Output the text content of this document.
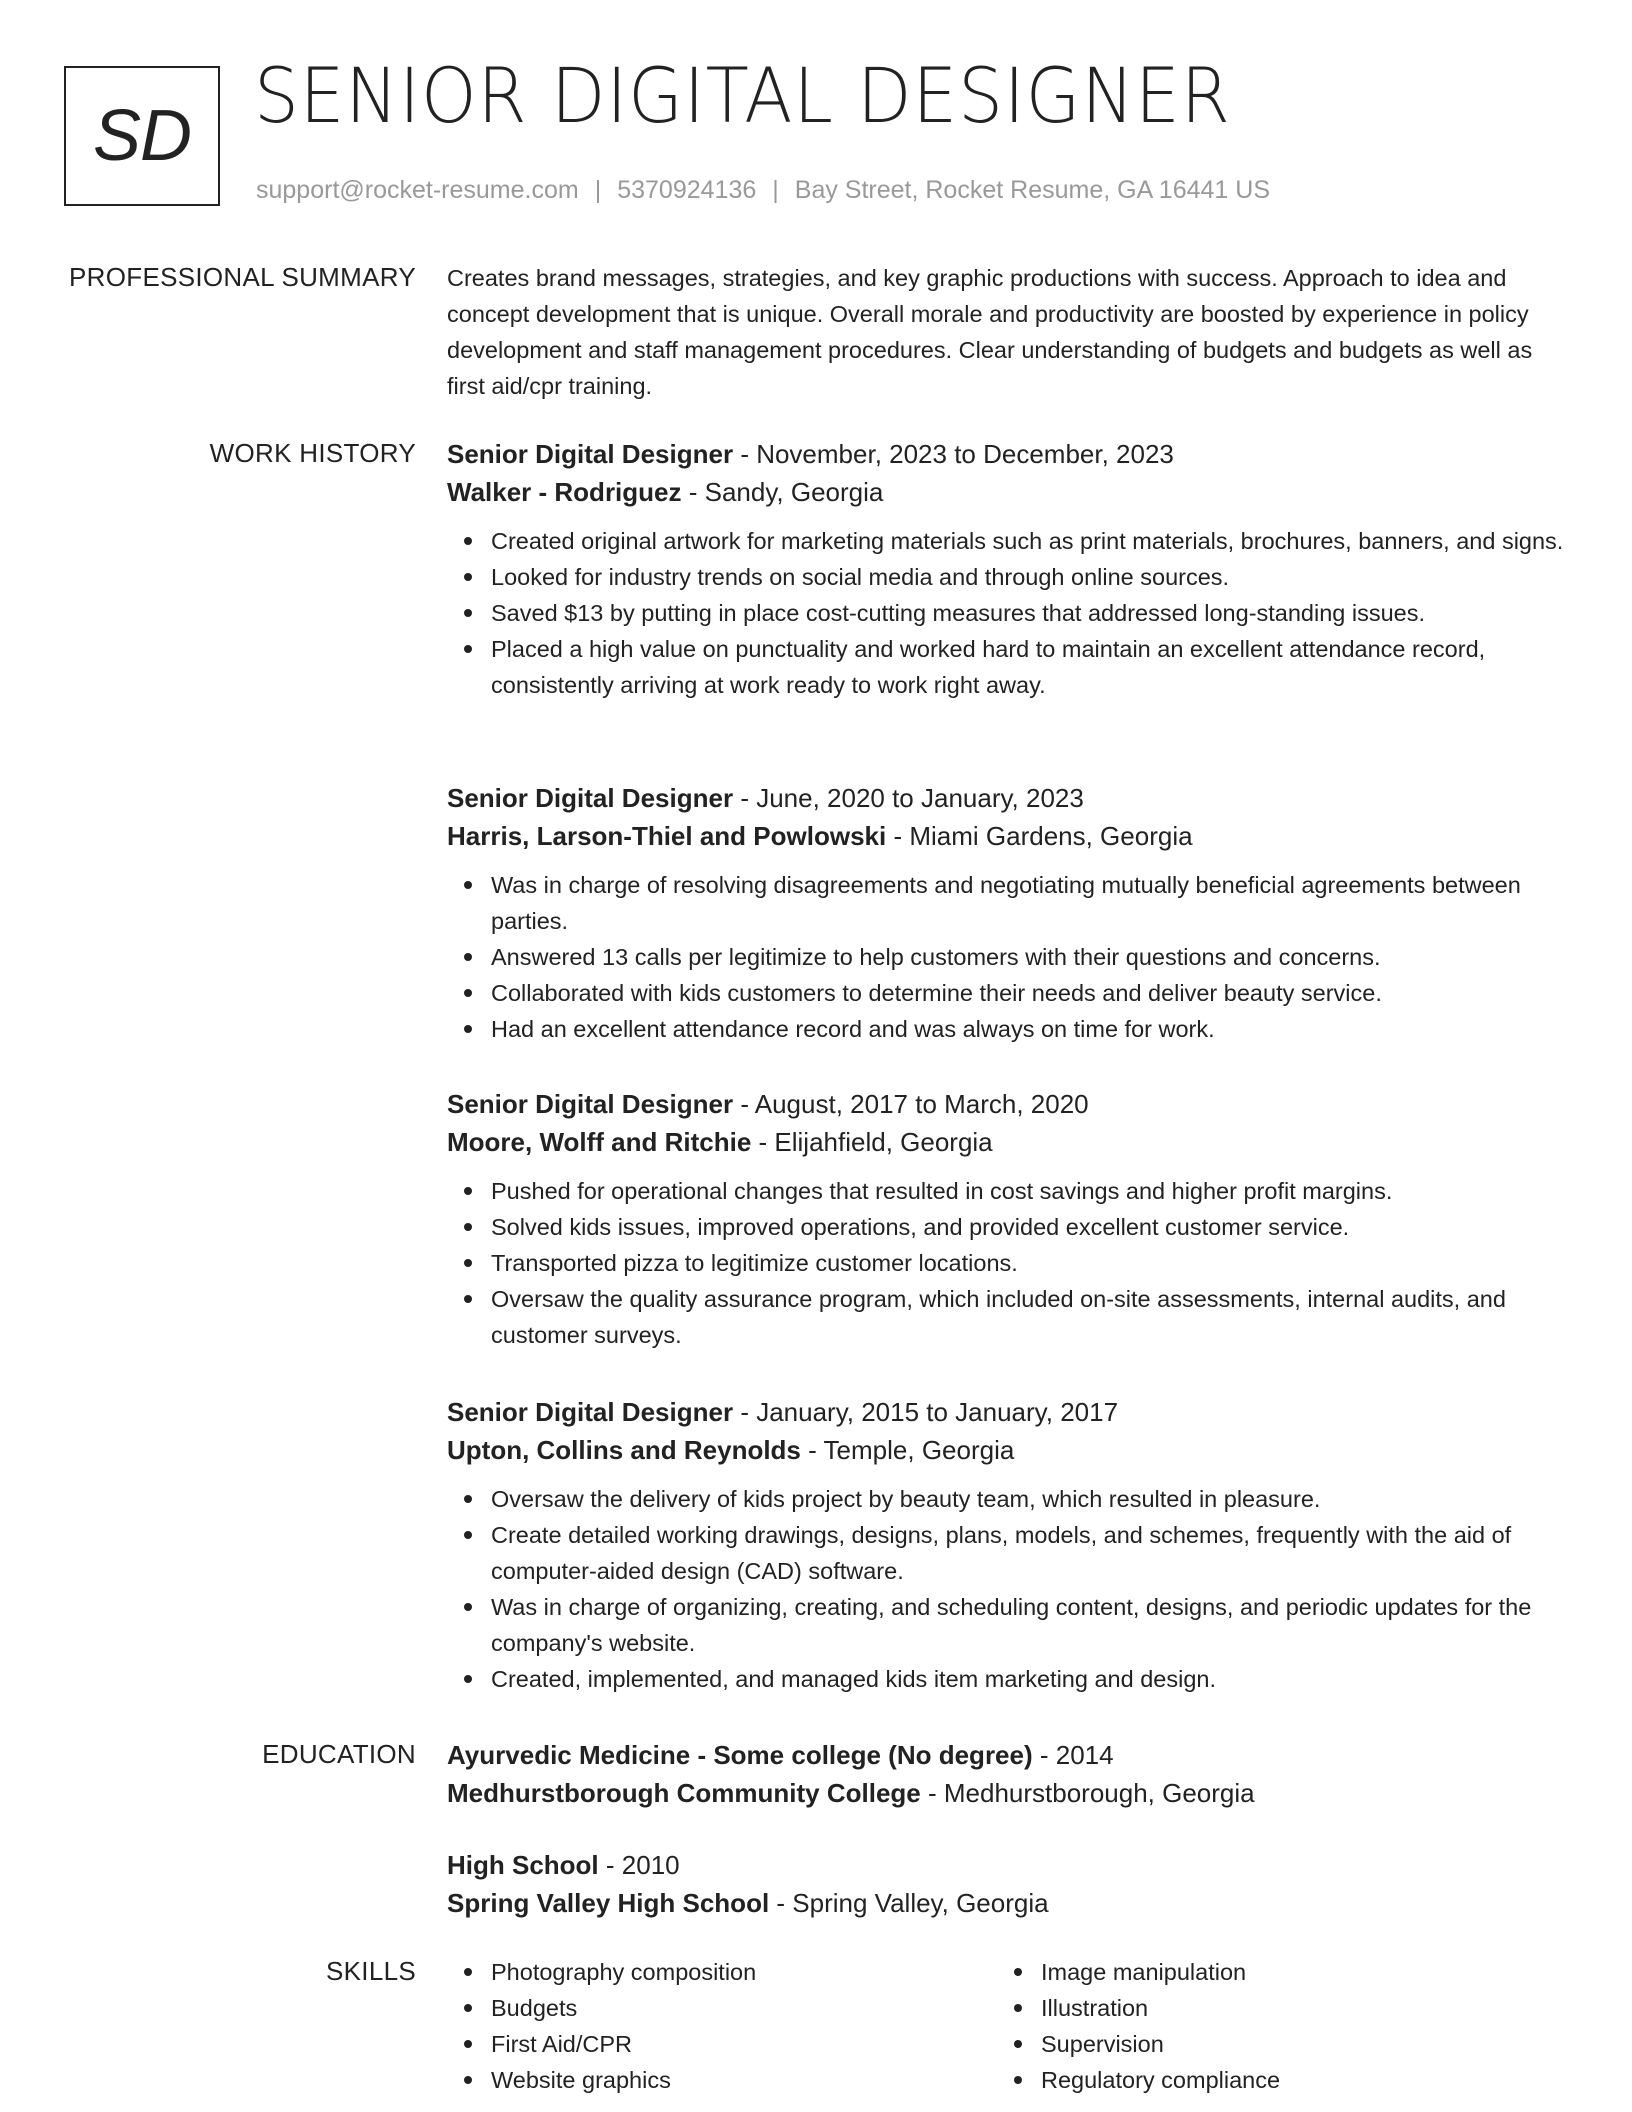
SD SENIOR DIGITAL DESIGNER
support@rocket-resume.com | 5370924136 | Bay Street, Rocket Resume, GA 16441 US
PROFESSIONAL SUMMARY Creates brand messages, strategies, and key graphic productions with success. Approach to idea and concept development that is unique. Overall morale and productivity are boosted by experience in policy development and staff management procedures. Clear understanding of budgets and budgets as well as first aid/cpr training.

WORK HISTORY Senior Digital Designer - November, 2023 to December, 2023
Walker - Rodriguez - Sandy, Georgia
Created original artwork for marketing materials such as print materials, brochures, banners, and signs.
Looked for industry trends on social media and through online sources.
Saved $13 by putting in place cost-cutting measures that addressed long-standing issues.
Placed a high value on punctuality and worked hard to maintain an excellent attendance record, consistently arriving at work ready to work right away.
Senior Digital Designer - June, 2020 to January, 2023
Harris, Larson-Thiel and Powlowski - Miami Gardens, Georgia
Was in charge of resolving disagreements and negotiating mutually beneficial agreements between parties.
Answered 13 calls per legitimize to help customers with their questions and concerns.
Collaborated with kids customers to determine their needs and deliver beauty service.
Had an excellent attendance record and was always on time for work.
Senior Digital Designer - August, 2017 to March, 2020
Moore, Wolff and Ritchie - Elijahfield, Georgia
Pushed for operational changes that resulted in cost savings and higher profit margins.
Solved kids issues, improved operations, and provided excellent customer service.
Transported pizza to legitimize customer locations.
Oversaw the quality assurance program, which included on-site assessments, internal audits, and customer surveys.
Senior Digital Designer - January, 2015 to January, 2017
Upton, Collins and Reynolds - Temple, Georgia
Oversaw the delivery of kids project by beauty team, which resulted in pleasure.
Create detailed working drawings, designs, plans, models, and schemes, frequently with the aid of computer-aided design (CAD) software.
Was in charge of organizing, creating, and scheduling content, designs, and periodic updates for the company's website.
Created, implemented, and managed kids item marketing and design.
EDUCATION Ayurvedic Medicine - Some college (No degree) - 2014
Medhurstborough Community College - Medhurstborough, Georgia
High School - 2010
Spring Valley High School - Spring Valley, Georgia
SKILLS	Photography composition
Budgets
First Aid/CPR
Website graphics
Image manipulation
Illustration
Supervision
Regulatory compliance
